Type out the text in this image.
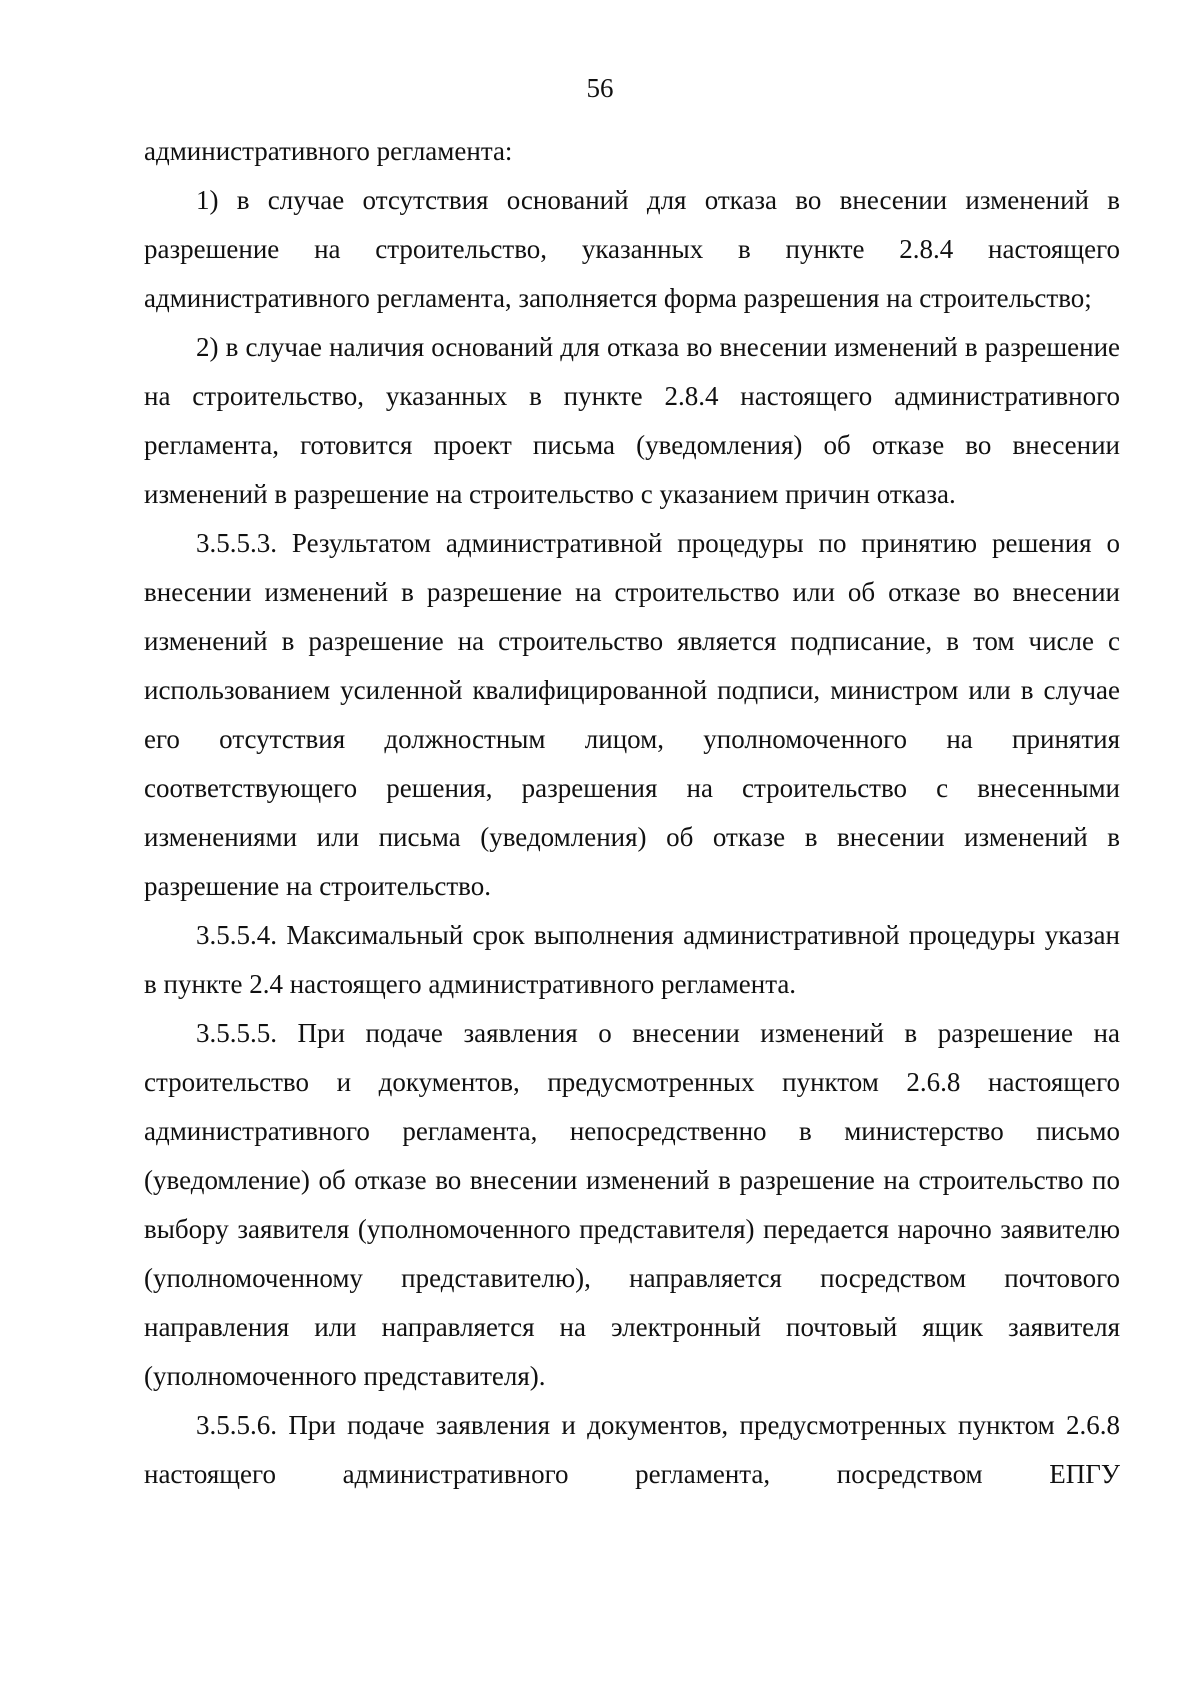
56

административного регламента:

1) в случае отсутствия оснований для отказа во внесении изменений в разрешение на строительство, указанных в пункте 2.8.4 настоящего административного регламента, заполняется форма разрешения на строительство;

2) в случае наличия оснований для отказа во внесении изменений в разрешение на строительство, указанных в пункте 2.8.4 настоящего административного регламента, готовится проект письма (уведомления) об отказе во внесении изменений в разрешение на строительство с указанием причин отказа.

3.5.5.3. Результатом административной процедуры по принятию решения о внесении изменений в разрешение на строительство или об отказе во внесении изменений в разрешение на строительство является подписание, в том числе с использованием усиленной квалифицированной подписи, министром или в случае его отсутствия должностным лицом, уполномоченного на принятия соответствующего решения, разрешения на строительство с внесенными изменениями или письма (уведомления) об отказе в внесении изменений в разрешение на строительство.

3.5.5.4. Максимальный срок выполнения административной процедуры указан в пункте 2.4 настоящего административного регламента.

3.5.5.5. При подаче заявления о внесении изменений в разрешение на строительство и документов, предусмотренных пунктом 2.6.8 настоящего административного регламента, непосредственно в министерство письмо (уведомление) об отказе во внесении изменений в разрешение на строительство по выбору заявителя (уполномоченного представителя) передается нарочно заявителю (уполномоченному представителю), направляется посредством почтового направления или направляется на электронный почтовый ящик заявителя (уполномоченного представителя).

3.5.5.6. При подаче заявления и документов, предусмотренных пунктом 2.6.8 настоящего административного регламента, посредством ЕПГУ
